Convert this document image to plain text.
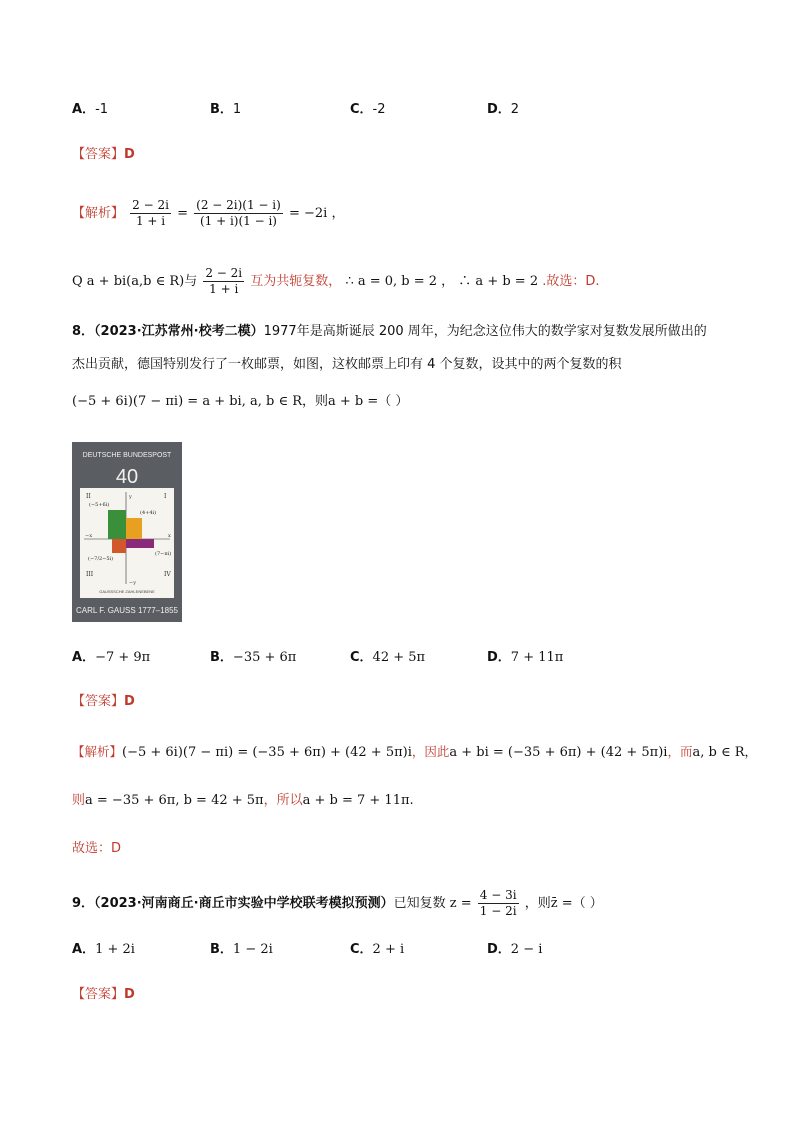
A．-1	B．1	C．-2	D．2
【答案】D
【解析】 $\frac{2 - 2i}{1 + i} = \frac{(2 - 2i)(1 - i)}{(1 + i)(1 - i)} = -2i$ ，
Q a + bi(a,b ∈ R)与 $\frac{2 - 2i}{1 + i}$ 互为共轭复数， ∴ a = 0, b = 2 ， ∴ a + b = 2 .故选：D.
8．（2023·江苏常州·校考二模）1977年是高斯诞辰 200 周年，为纪念这位伟大的数学家对复数发展所做出的
杰出贡献，德国特别发行了一枚邮票，如图，这枚邮票上印有 4 个复数，设其中的两个复数的积
(−5 + 6i)(7 − πi) = a + bi, a, b ∈ R，则a + b =（ ）
DEUTSCHE BUNDESPOST
40
II	I
III	IV
y
−y
−x	x
(−5+6i)
(4+4i)
(7−πi)
(−7/2−5i)
GAUSSSCHE ZAHLENEBENE
CARL F. GAUSS 1777–1855
A．−7 + 9π	B．−35 + 6π	C．42 + 5π	D．7 + 11π
【答案】D
【解析】(−5 + 6i)(7 − πi) = (−35 + 6π) + (42 + 5π)i，因此a + bi = (−35 + 6π) + (42 + 5π)i，而a, b ∈ R，
则a = −35 + 6π, b = 42 + 5π，所以a + b = 7 + 11π.
故选：D
9．（2023·河南商丘·商丘市实验中学校联考模拟预测）已知复数 $z = \frac{4 - 3i}{1 - 2i}$ ，则z̄ =（ ）
A．1 + 2i	B．1 − 2i	C．2 + i	D．2 − i
【答案】D
